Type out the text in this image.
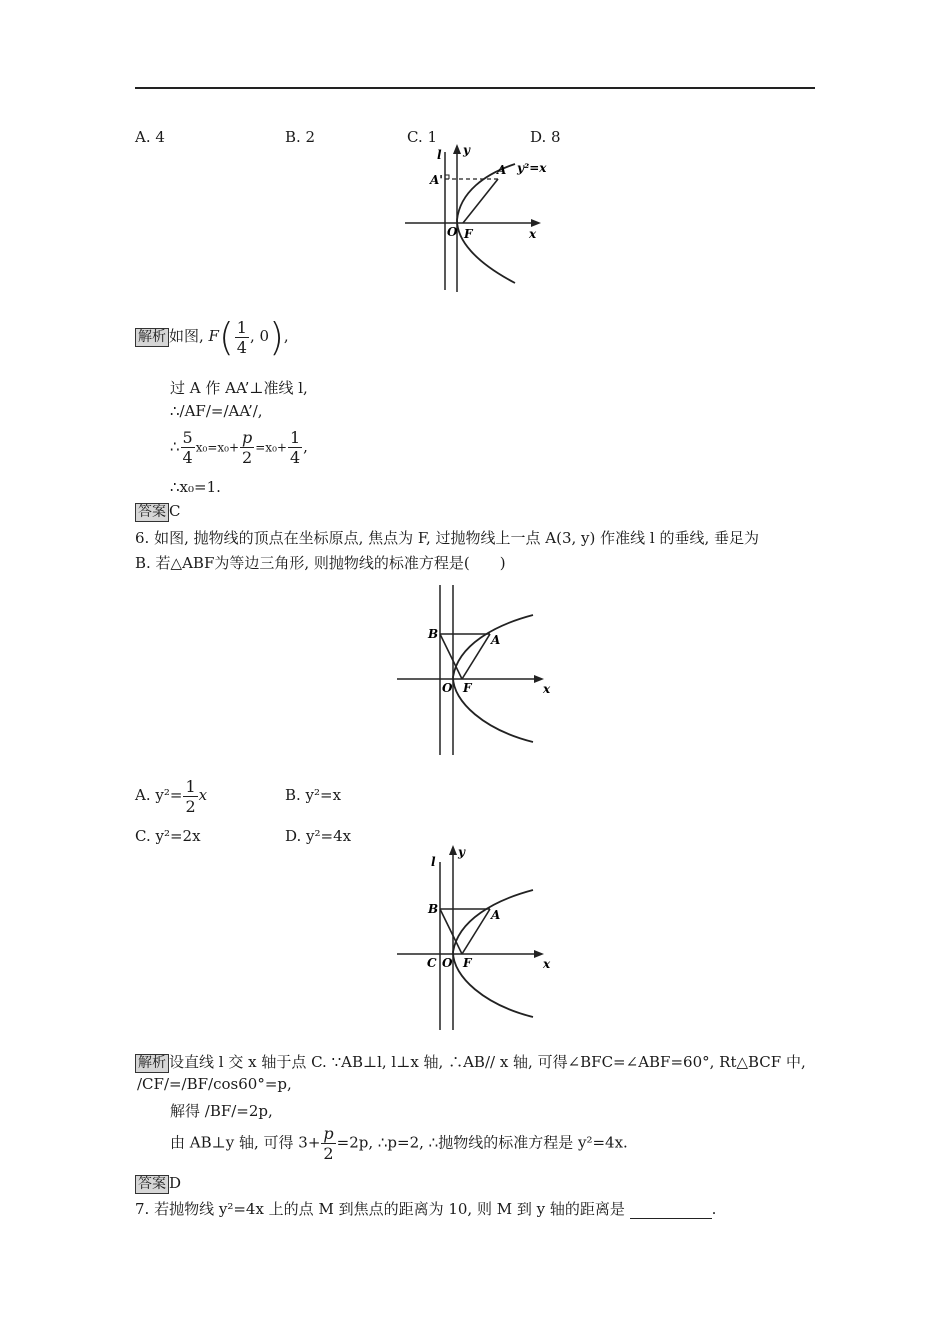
A. 4	B. 2	C. 1	D. 8
l y
A y²=x
A'
O F	x
解析 如图, $F( \frac{1}{4}$ , 0),
过 A 作 AA’⊥准线 l,
∴/AF/=/AA’/,
∴ $\frac{5}{4} x_0=x_0+ \frac{p}{2} =x_0+ \frac{1}{4}$ ,
∴x₀=1.
答案 C
6. 如图, 抛物线的顶点在坐标原点, 焦点为 F, 过抛物线上一点 A(3, y) 作准线 l 的垂线, 垂足为
B. 若△ABF为等边三角形, 则抛物线的标准方程是(　　)
B	A
O F	x
A. $y^2= \frac{1}{2}$ x	B. y²=x
C. y²=2x	D. y²=4x
l
y
B	A
C O F	x
解析 设直线 l 交 x 轴于点 C. ∵AB⊥l, l⊥x 轴, ∴AB// x 轴, 可得∠BFC=∠ABF=60°, Rt△BCF 中,
/CF/=/BF/cos60°=p,
解得 /BF/=2p,
由 AB⊥y 轴, 可得 $3+ \frac{p}{2} =2p$, ∴p=2, ∴抛物线的标准方程是 y²=4x.
答案 D
7. 若抛物线 y²=4x 上的点 M 到焦点的距离为 10, 则 M 到 y 轴的距离是	.
